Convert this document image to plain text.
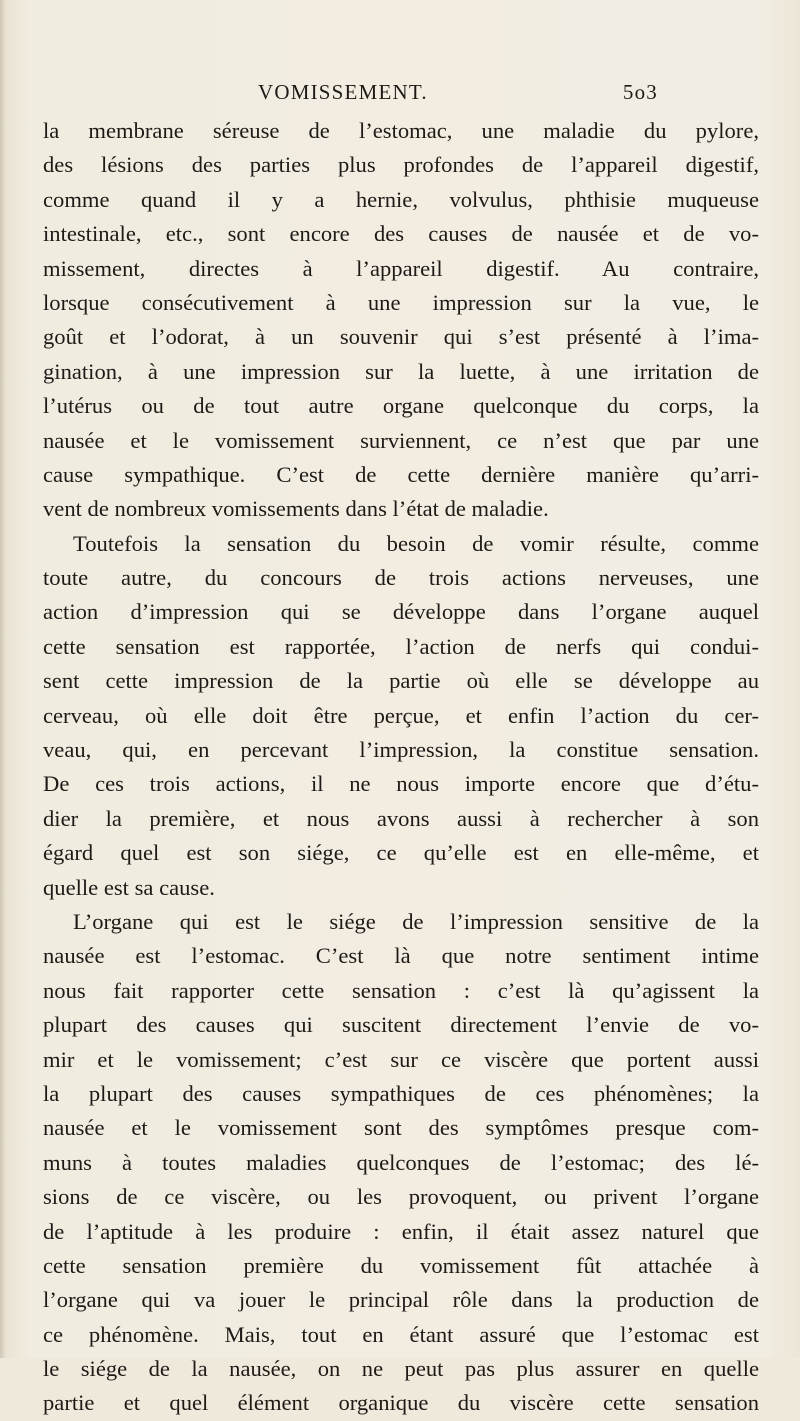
VOMISSEMENT.	5o3
la membrane séreuse de l’estomac, une maladie du pylore,
des lésions des parties plus profondes de l’appareil digestif,
comme quand il y a hernie, volvulus, phthisie muqueuse
intestinale, etc., sont encore des causes de nausée et de vo-
missement, directes à l’appareil digestif. Au contraire,
lorsque consécutivement à une impression sur la vue, le
goût et l’odorat, à un souvenir qui s’est présenté à l’ima-
gination, à une impression sur la luette, à une irritation de
l’utérus ou de tout autre organe quelconque du corps, la
nausée et le vomissement surviennent, ce n’est que par une
cause sympathique. C’est de cette dernière manière qu’arri-
vent de nombreux vomissements dans l’état de maladie.
Toutefois la sensation du besoin de vomir résulte, comme
toute autre, du concours de trois actions nerveuses, une
action d’impression qui se développe dans l’organe auquel
cette sensation est rapportée, l’action de nerfs qui condui-
sent cette impression de la partie où elle se développe au
cerveau, où elle doit être perçue, et enfin l’action du cer-
veau, qui, en percevant l’impression, la constitue sensation.
De ces trois actions, il ne nous importe encore que d’étu-
dier la première, et nous avons aussi à rechercher à son
égard quel est son siége, ce qu’elle est en elle-même, et
quelle est sa cause.
L’organe qui est le siége de l’impression sensitive de la
nausée est l’estomac. C’est là que notre sentiment intime
nous fait rapporter cette sensation : c’est là qu’agissent la
plupart des causes qui suscitent directement l’envie de vo-
mir et le vomissement; c’est sur ce viscère que portent aussi
la plupart des causes sympathiques de ces phénomènes; la
nausée et le vomissement sont des symptômes presque com-
muns à toutes maladies quelconques de l’estomac; des lé-
sions de ce viscère, ou les provoquent, ou privent l’organe
de l’aptitude à les produire : enfin, il était assez naturel que
cette sensation première du vomissement fût attachée à
l’organe qui va jouer le principal rôle dans la production de
ce phénomène. Mais, tout en étant assuré que l’estomac est
le siége de la nausée, on ne peut pas plus assurer en quelle
partie et quel élément organique du viscère cette sensation
